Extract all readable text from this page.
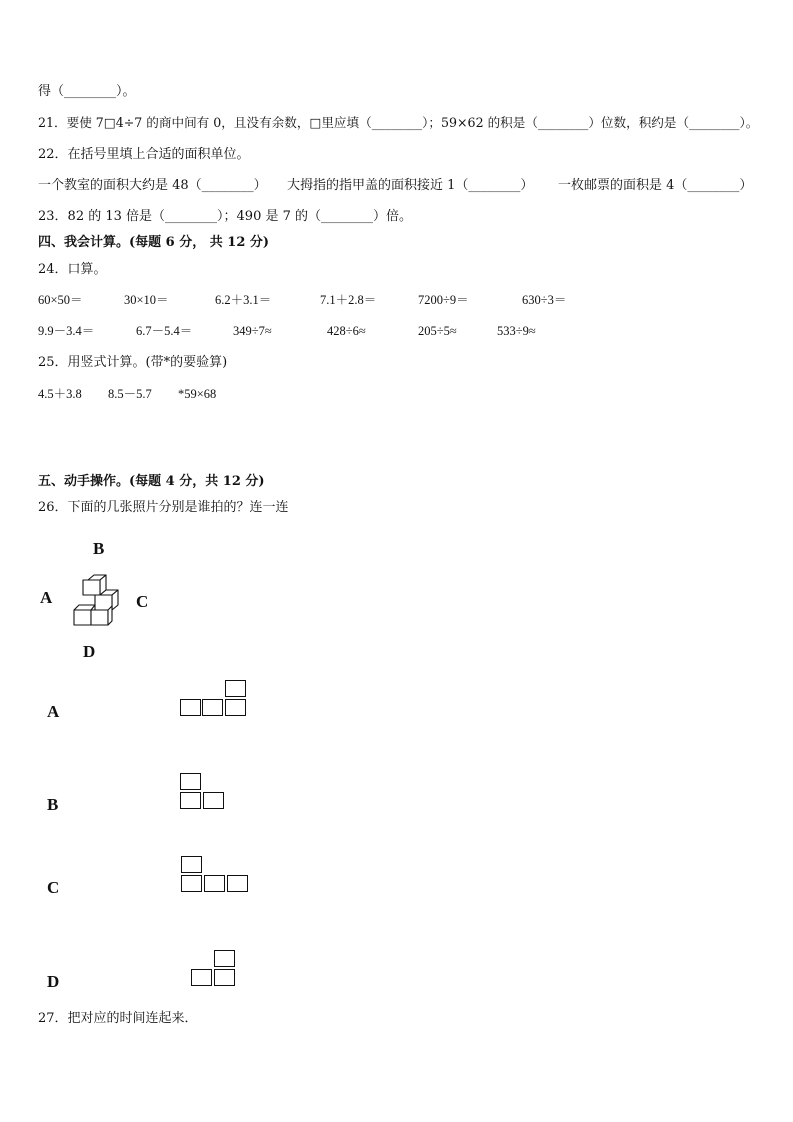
得（________）。
21．要使 7□4÷7 的商中间有 0，且没有余数，□里应填（________）；59×62 的积是（________）位数，积约是（________）。
22．在括号里填上合适的面积单位。
一个教室的面积大约是 48（________） 大拇指的指甲盖的面积接近 1（________） 一枚邮票的面积是 4（________）
23．82 的 13 倍是（________）；490 是 7 的（________）倍。
四、我会计算。(每题 6 分， 共 12 分)
24．口算。
60×50＝	30×10＝	6.2＋3.1＝	7.1＋2.8＝	7200÷9＝	630÷3＝
9.9－3.4＝	6.7－5.4＝	349÷7≈	428÷6≈	205÷5≈	533÷9≈
25．用竖式计算。(带*的要验算)
4.5＋3.8 8.5－5.7 *59×68
五、动手操作。(每题 4 分，共 12 分)
26．下面的几张照片分别是谁拍的？连一连
B
A	C
D
A
B
C
D
27．把对应的时间连起来．
